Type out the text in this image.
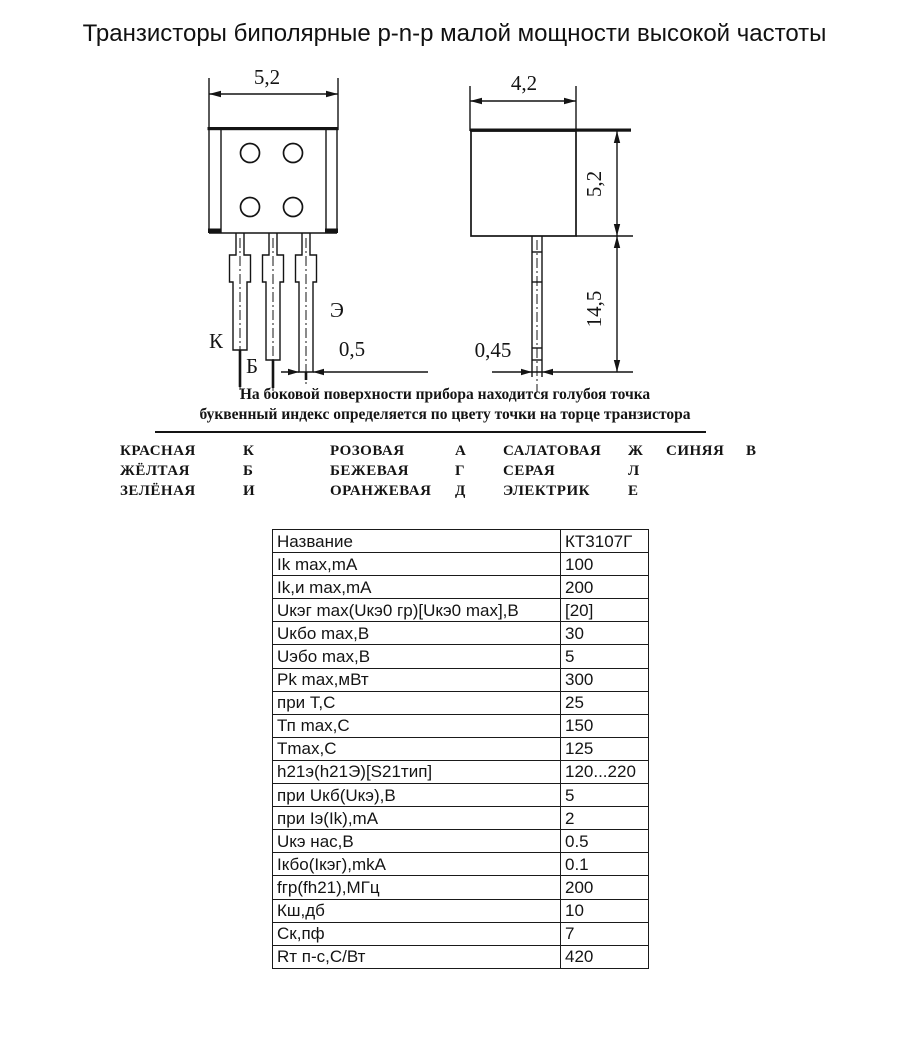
Транзисторы биполярные p-n-p малой мощности высокой частоты
5,2
К
Б
Э
0,5
4,2
5,2
14,5
0,45
На боковой поверхности прибора находится голубоя точка
буквенный индекс определяется по цвету точки на торце транзистора
КРАСНАЯ	К	РОЗОВАЯ	А	САЛАТОВАЯ	Ж	СИНЯЯ	В
ЖЁЛТАЯ	Б	БЕЖЕВАЯ	Г	СЕРАЯ	Л
ЗЕЛЁНАЯ	И	ОРАНЖЕВАЯ	Д	ЭЛЕКТРИК	Е
Название	КТ3107Г
Ik max,mA	100
Ik,и max,mA	200
Uкэг max(Uкэ0 гр)[Uкэ0 max],В	[20]
Uкбо max,В	30
Uэбо max,В	5
Pk max,мВт	300
при Т,С	25
Тп max,С	150
Тmax,С	125
h21э(h21Э)[S21тип]	120...220
при Uкб(Uкэ),В	5
при Iэ(Ik),mA	2
Uкэ нас,В	0.5
Iкбо(Iкэг),mkA	0.1
fгр(fh21),МГц	200
Кш,дб	10
Ск,пф	7
Rт п-с,С/Вт	420
